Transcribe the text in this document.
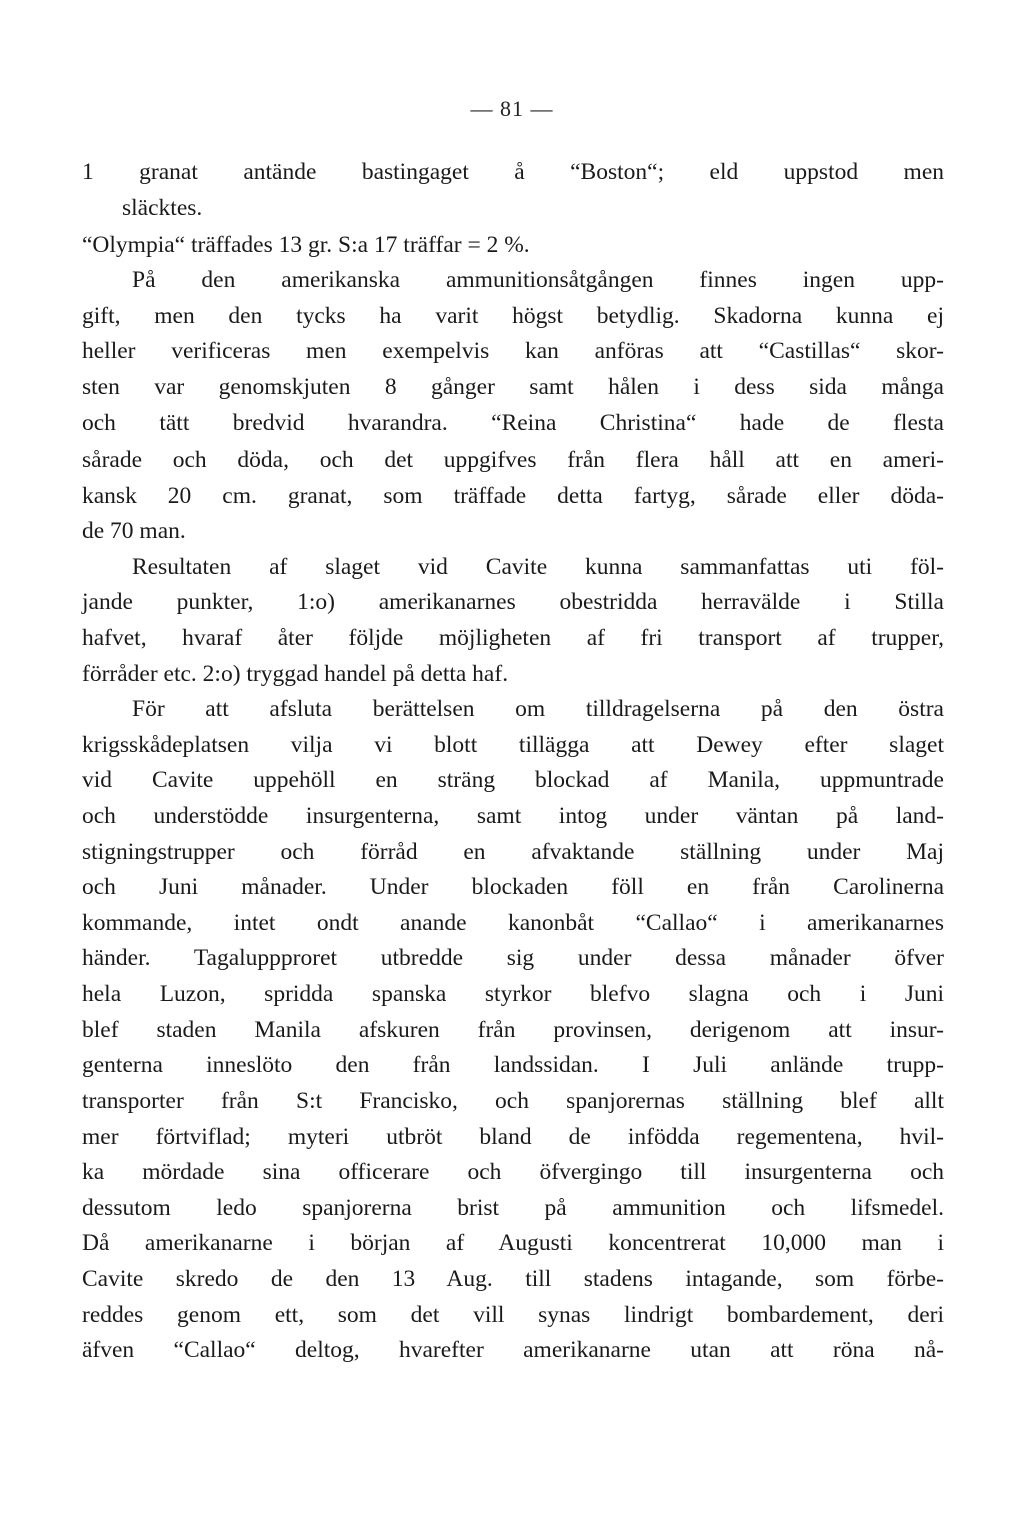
— 81 —
1 granat antände bastingaget å “Boston“; eld uppstod men
släcktes.
“Olympia“ träffades 13 gr. S:a 17 träffar = 2 %.
På den amerikanska ammunitionsåtgången finnes ingen upp-
gift, men den tycks ha varit högst betydlig. Skadorna kunna ej
heller verificeras men exempelvis kan anföras att “Castillas“ skor-
sten var genomskjuten 8 gånger samt hålen i dess sida många
och tätt bredvid hvarandra. “Reina Christina“ hade de flesta
sårade och döda, och det uppgifves från flera håll att en ameri-
kansk 20 cm. granat, som träffade detta fartyg, sårade eller döda-
de 70 man.
Resultaten af slaget vid Cavite kunna sammanfattas uti föl-
jande punkter, 1:o) amerikanarnes obestridda herravälde i Stilla
hafvet, hvaraf åter följde möjligheten af fri transport af trupper,
förråder etc. 2:o) tryggad handel på detta haf.
För att afsluta berättelsen om tilldragelserna på den östra
krigsskådeplatsen vilja vi blott tillägga att Dewey efter slaget
vid Cavite uppehöll en sträng blockad af Manila, uppmuntrade
och understödde insurgenterna, samt intog under väntan på land-
stigningstrupper och förråd en afvaktande ställning under Maj
och Juni månader. Under blockaden föll en från Carolinerna
kommande, intet ondt anande kanonbåt “Callao“ i amerikanarnes
händer. Tagaluppproret utbredde sig under dessa månader öfver
hela Luzon, spridda spanska styrkor blefvo slagna och i Juni
blef staden Manila afskuren från provinsen, derigenom att insur-
genterna inneslöto den från landssidan. I Juli anlände trupp-
transporter från S:t Francisko, och spanjorernas ställning blef allt
mer förtviflad; myteri utbröt bland de infödda regementena, hvil-
ka mördade sina officerare och öfvergingo till insurgenterna och
dessutom ledo spanjorerna brist på ammunition och lifsmedel.
Då amerikanarne i början af Augusti koncentrerat 10,000 man i
Cavite skredo de den 13 Aug. till stadens intagande, som förbe-
reddes genom ett, som det vill synas lindrigt bombardement, deri
äfven “Callao“ deltog, hvarefter amerikanarne utan att röna nå-
